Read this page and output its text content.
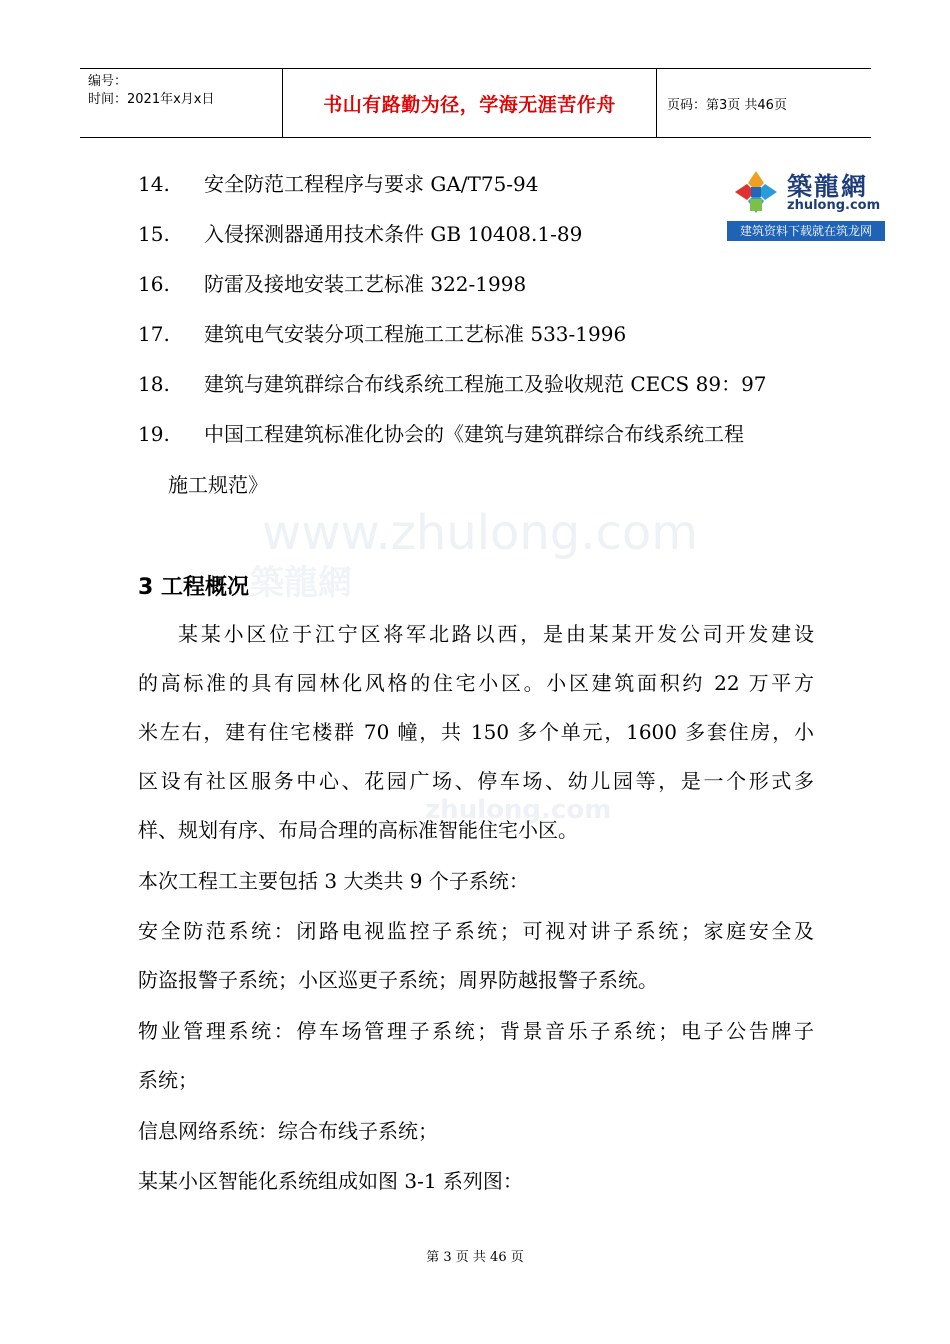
编号：
时间：2021年x月x日	书山有路勤为径，学海无涯苦作舟	页码：第3页 共46页
築龍網
zhulong.com
建筑资料下载就在筑龙网
www.zhulong.com
築龍網
zhulong.com
14. 安全防范工程程序与要求 GA/T75-94
15. 入侵探测器通用技术条件 GB 10408.1-89
16. 防雷及接地安装工艺标准 322-1998
17. 建筑电气安装分项工程施工工艺标准 533-1996
18. 建筑与建筑群综合布线系统工程施工及验收规范 CECS 89：97
19. 中国工程建筑标准化协会的《建筑与建筑群综合布线系统工程
施工规范》
3 工程概况
某某小区位于江宁区将军北路以西，是由某某开发公司开发建设
的高标准的具有园林化风格的住宅小区。小区建筑面积约 22 万平方
米左右，建有住宅楼群 70 幢，共 150 多个单元，1600 多套住房，小
区设有社区服务中心、花园广场、停车场、幼儿园等，是一个形式多
样、规划有序、布局合理的高标准智能住宅小区。
本次工程工主要包括 3 大类共 9 个子系统：
安全防范系统：闭路电视监控子系统；可视对讲子系统；家庭安全及
防盗报警子系统；小区巡更子系统；周界防越报警子系统。
物业管理系统：停车场管理子系统；背景音乐子系统；电子公告牌子
系统；
信息网络系统：综合布线子系统；
某某小区智能化系统组成如图 3-1 系列图：
第 3 页 共 46 页
